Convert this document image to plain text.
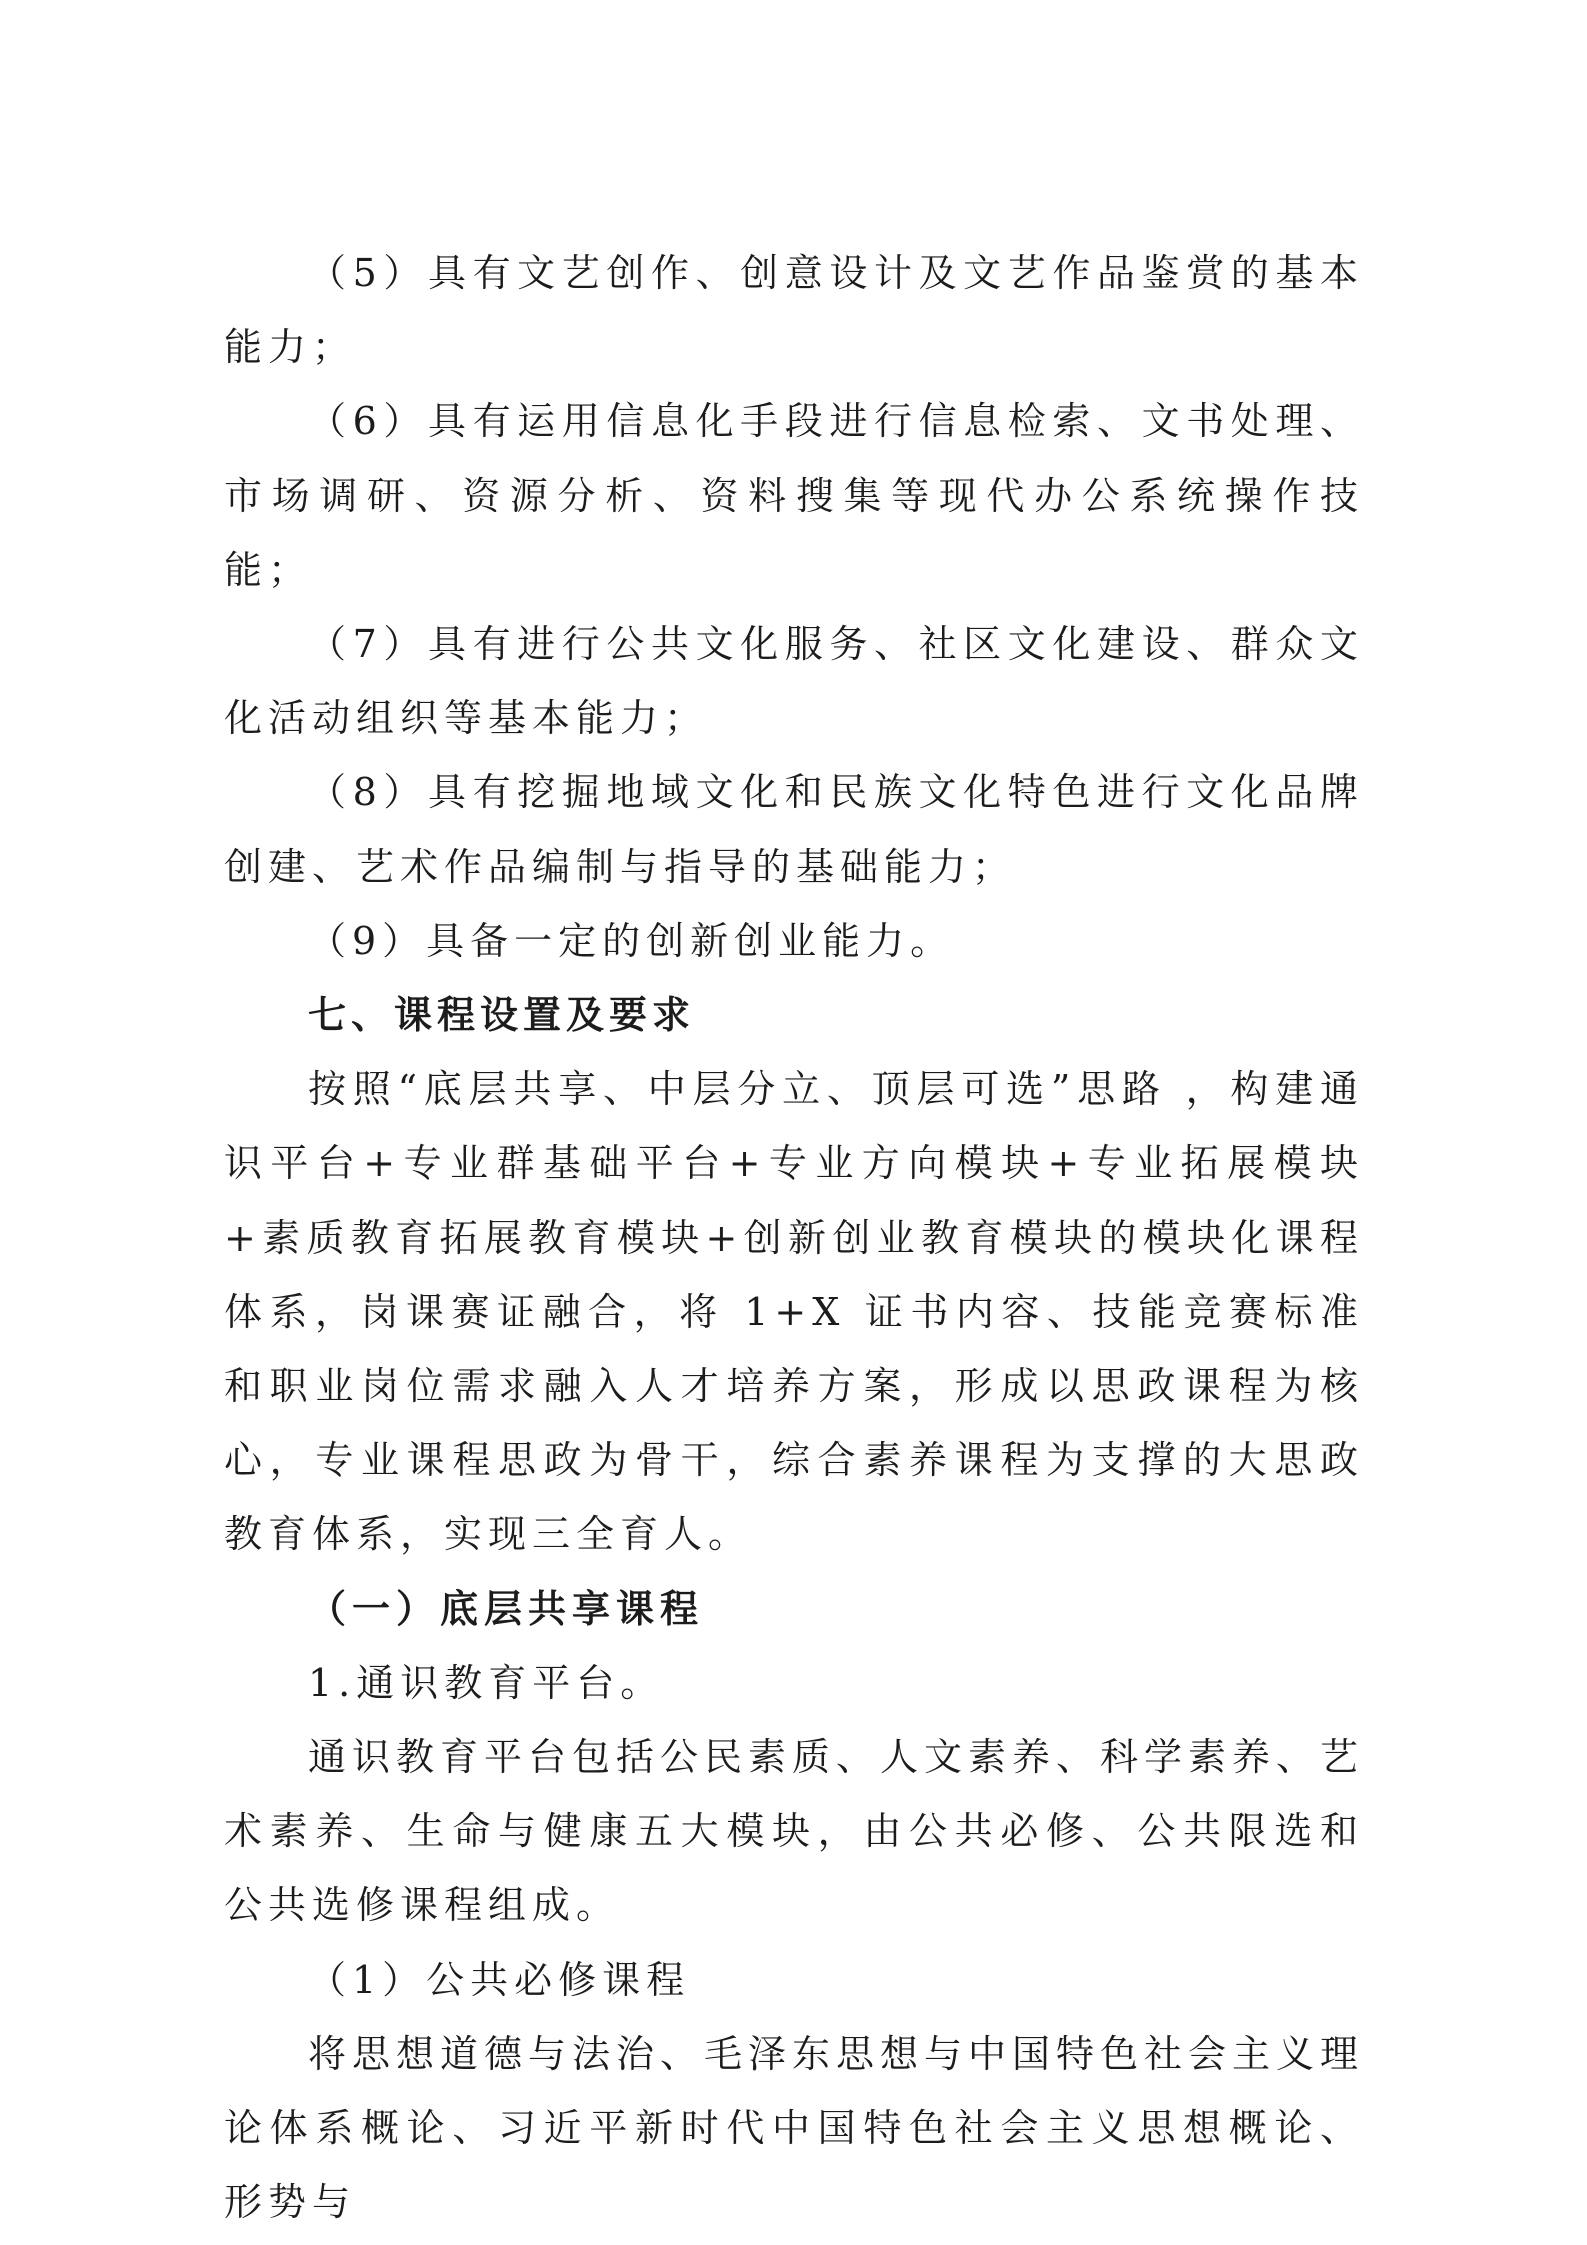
（5）具有文艺创作、创意设计及文艺作品鉴赏的基本能力；

（6）具有运用信息化手段进行信息检索、文书处理、市场调研、资源分析、资料搜集等现代办公系统操作技能；

（7）具有进行公共文化服务、社区文化建设、群众文化活动组织等基本能力；

（8）具有挖掘地域文化和民族文化特色进行文化品牌创建、艺术作品编制与指导的基础能力；

（9）具备一定的创新创业能力。

七、课程设置及要求

按照“底层共享、中层分立、顶层可选”思路 ，构建通识平台+专业群基础平台+专业方向模块+专业拓展模块+素质教育拓展教育模块+创新创业教育模块的模块化课程体系，岗课赛证融合，将 1+X 证书内容、技能竞赛标准和职业岗位需求融入人才培养方案，形成以思政课程为核心，专业课程思政为骨干，综合素养课程为支撑的大思政教育体系，实现三全育人。

（一）底层共享课程

1.通识教育平台。

通识教育平台包括公民素质、人文素养、科学素养、艺术素养、生命与健康五大模块，由公共必修、公共限选和公共选修课程组成。

（1）公共必修课程

将思想道德与法治、毛泽东思想与中国特色社会主义理论体系概论、习近平新时代中国特色社会主义思想概论、形势与
